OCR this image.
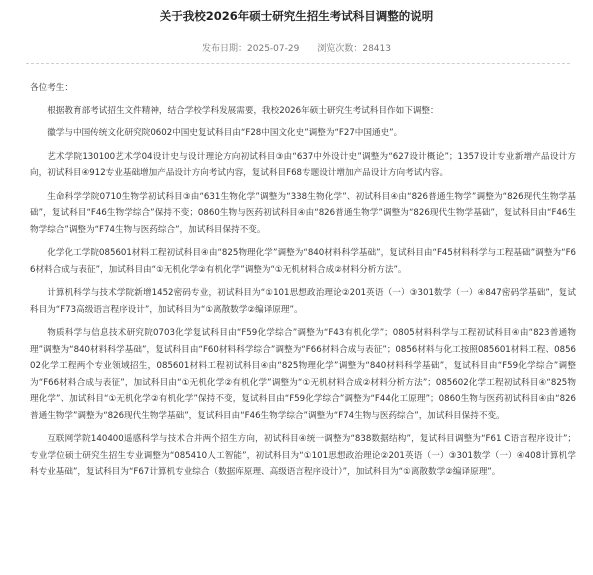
关于我校2026年硕士研究生招生考试科目调整的说明
发布日期：2025-07-29 浏览次数：28413

各位考生：

根据教育部考试招生文件精神，结合学校学科发展需要，我校2026年硕士研究生考试科目作如下调整：

徽学与中国传统文化研究院0602中国史复试科目由“F28中国文化史”调整为“F27中国通史”。

艺术学院130100艺术学04设计史与设计理论方向初试科目③由“637中外设计史”调整为“627设计概论”；1357设计专业新增产品设计方向，初试科目④912专业基础增加产品设计方向考试内容，复试科目F68专题设计增加产品设计方向考试内容。

生命科学学院0710生物学初试科目③由“631生物化学”调整为“338生物化学”、初试科目④由“826普通生物学”调整为“826现代生物学基础”，复试科目“F46生物学综合”保持不变；0860生物与医药初试科目④由“826普通生物学”调整为“826现代生物学基础”，复试科目由“F46生物学综合”调整为“F74生物与医药综合”，加试科目保持不变。

化学化工学院085601材料工程初试科目④由“825物理化学”调整为“840材料科学基础”，复试科目由“F45材料科学与工程基础”调整为“F66材料合成与表征”，加试科目由“①无机化学②有机化学”调整为“①无机材料合成②材料分析方法”。

计算机科学与技术学院新增1452密码专业，初试科目为“①101思想政治理论②201英语（一）③301数学（一）④847密码学基础”，复试科目为“F73高级语言程序设计”，加试科目为“①离散数学②编译原理”。

物质科学与信息技术研究院0703化学复试科目由“F59化学综合”调整为“F43有机化学”；0805材料科学与工程初试科目④由“823普通物理”调整为“840材料科学基础”，复试科目由“F60材料科学综合”调整为“F66材料合成与表征”；0856材料与化工按照085601材料工程、085602化学工程两个专业领域招生，085601材料工程初试科目④由“825物理化学”调整为“840材料科学基础”，复试科目由“F59化学综合”调整为“F66材料合成与表征”，加试科目由“①无机化学②有机化学”调整为“①无机材料合成②材料分析方法”；085602化学工程初试科目④“825物理化学”、加试科目“①无机化学②有机化学”保持不变，复试科目由“F59化学综合”调整为“F44化工原理”；0860生物与医药初试科目④由“826普通生物学”调整为“826现代生物学基础”，复试科目由“F46生物学综合”调整为“F74生物与医药综合”，加试科目保持不变。

互联网学院140400遥感科学与技术合并两个招生方向，初试科目④统一调整为“838数据结构”，复试科目调整为“F61 C语言程序设计”；专业学位硕士研究生招生专业调整为“085410人工智能”，初试科目为“①101思想政治理论②201英语（一）③301数学（一）④408计算机学科专业基础”，复试科目为“F67计算机专业综合（数据库原理、高级语言程序设计）”，加试科目为“①离散数学②编译原理”。
